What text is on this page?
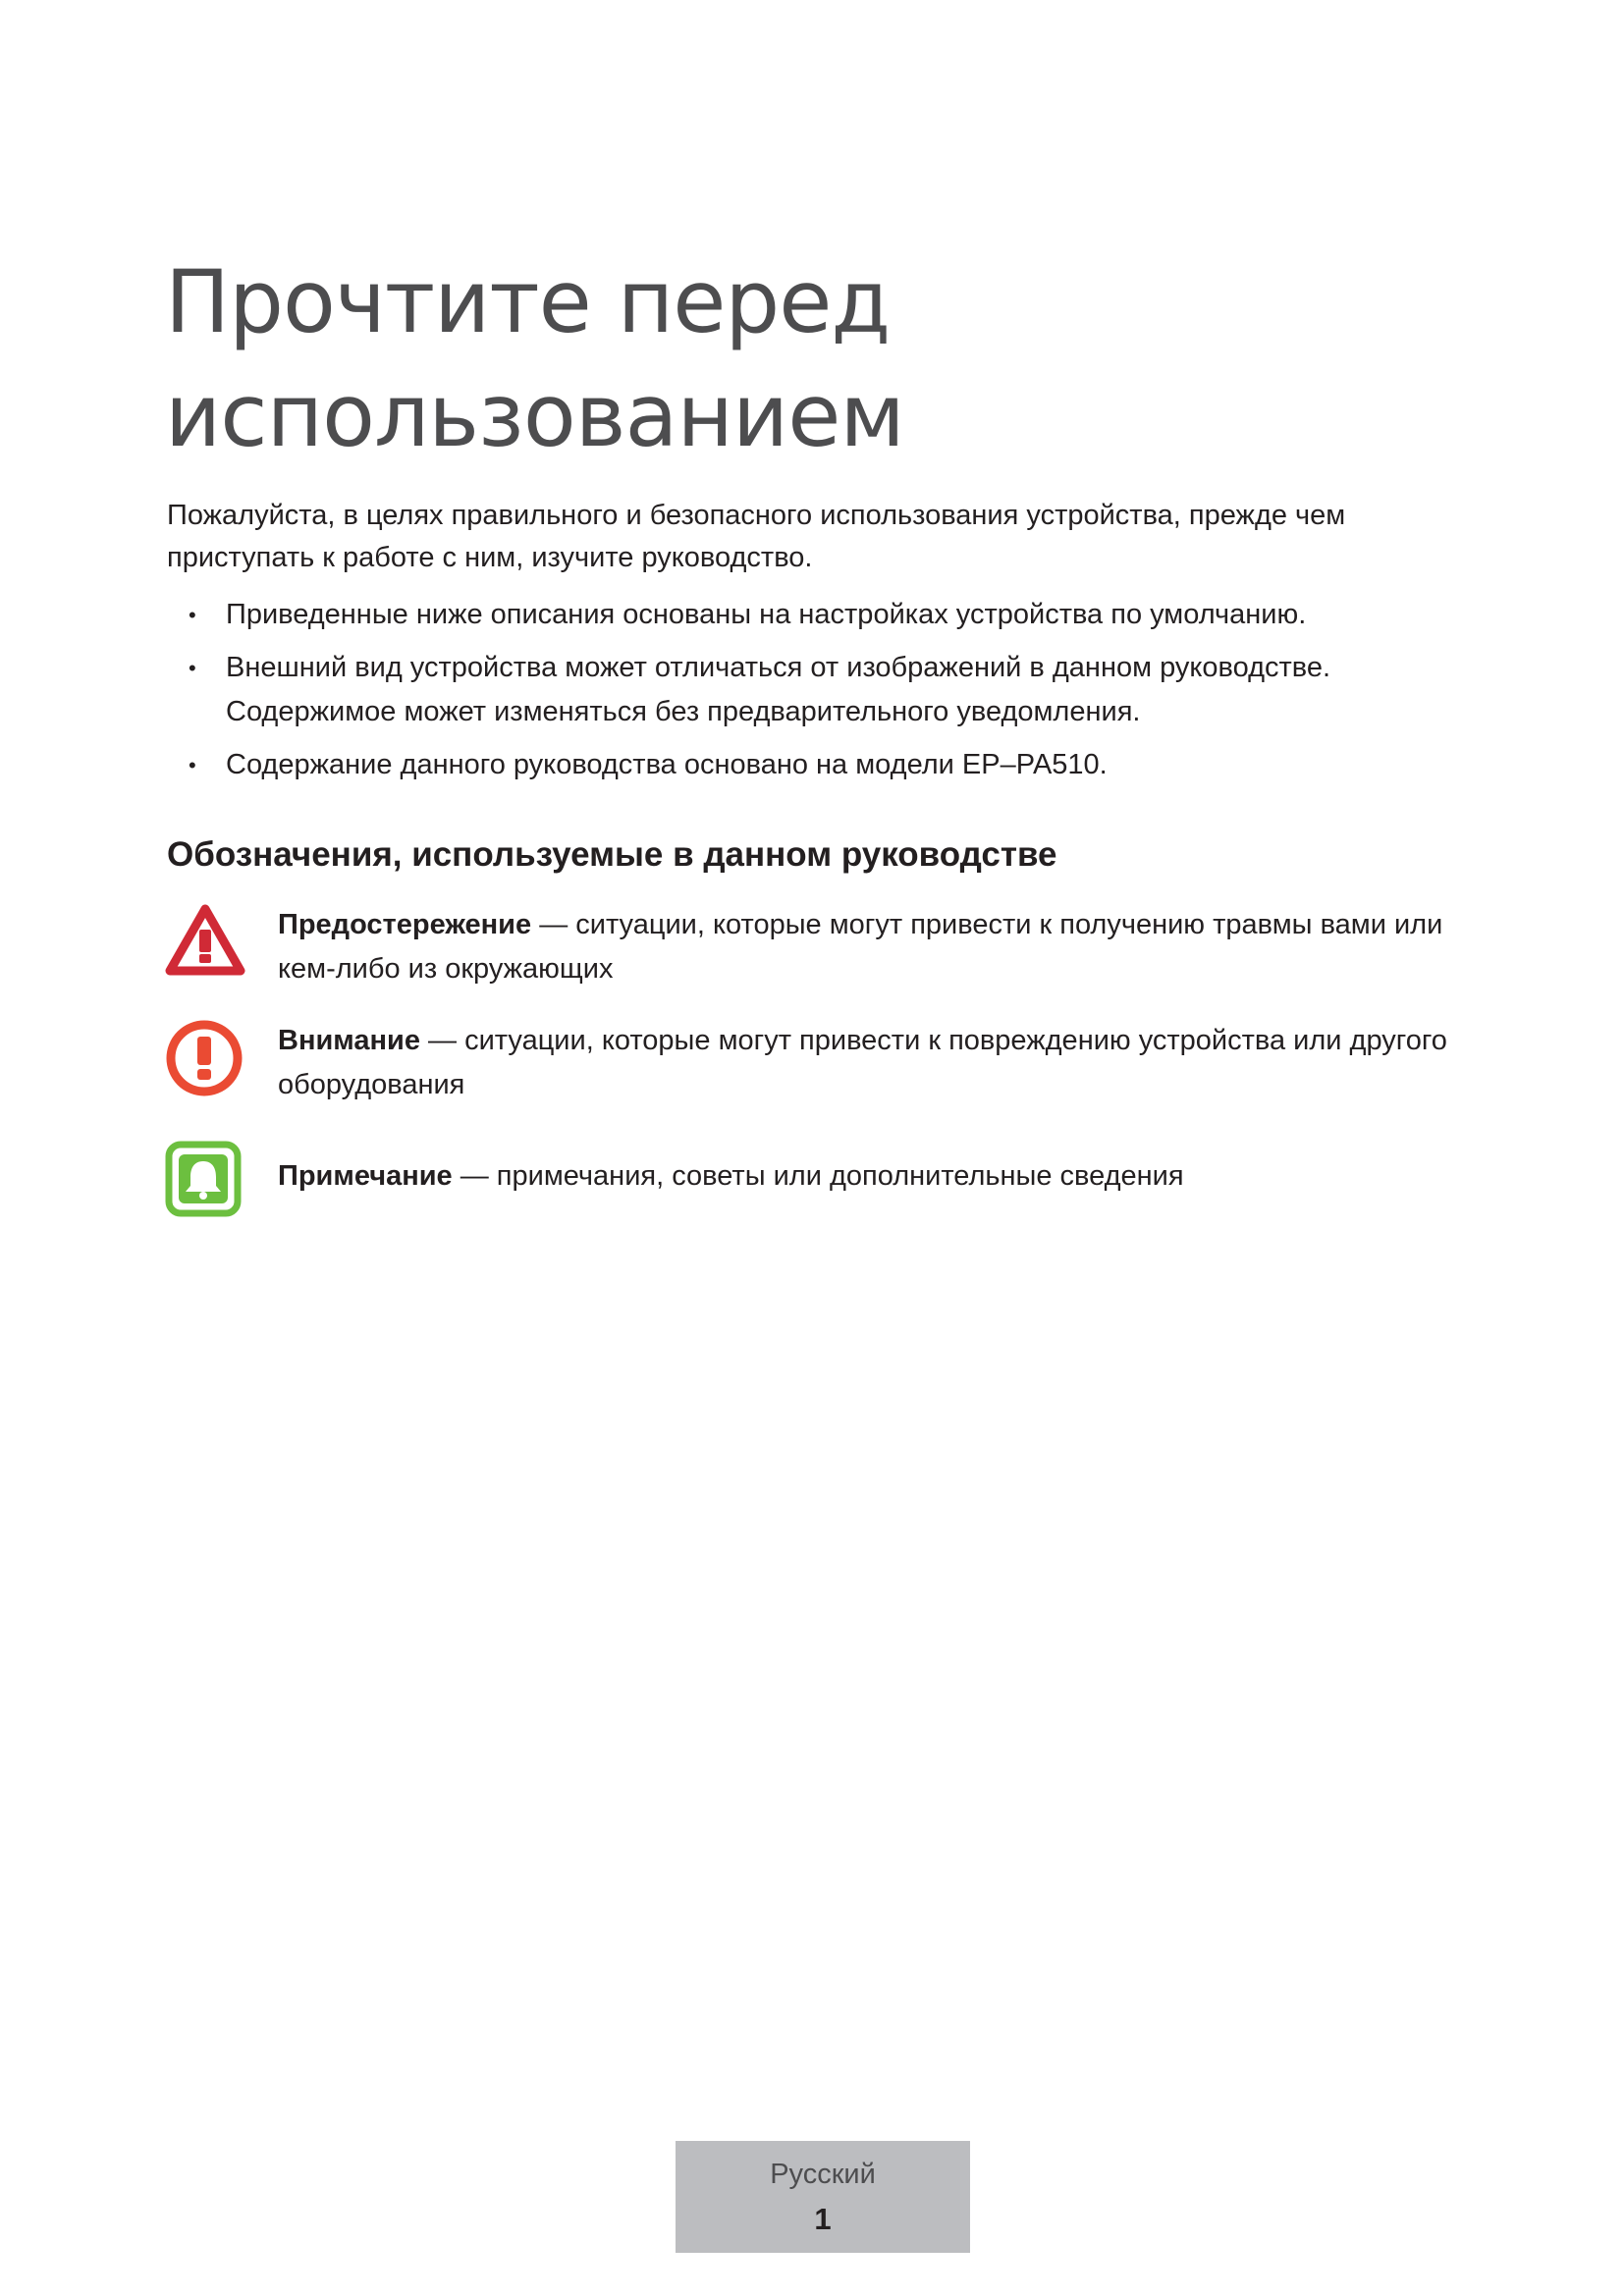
Прочтите перед
использованием

Пожалуйста, в целях правильного и безопасного использования устройства, прежде чем приступать к работе с ним, изучите руководство.

• Приведенные ниже описания основаны на настройках устройства по умолчанию.
• Внешний вид устройства может отличаться от изображений в данном руководстве. Содержимое может изменяться без предварительного уведомления.
• Содержание данного руководства основано на модели EP–PA510.
Обозначения, используемые в данном руководстве

Предостережение — ситуации, которые могут привести к получению травмы вами или кем-либо из окружающих

Внимание — ситуации, которые могут привести к повреждению устройства или другого оборудования

Примечание — примечания, советы или дополнительные сведения

Русский
1
